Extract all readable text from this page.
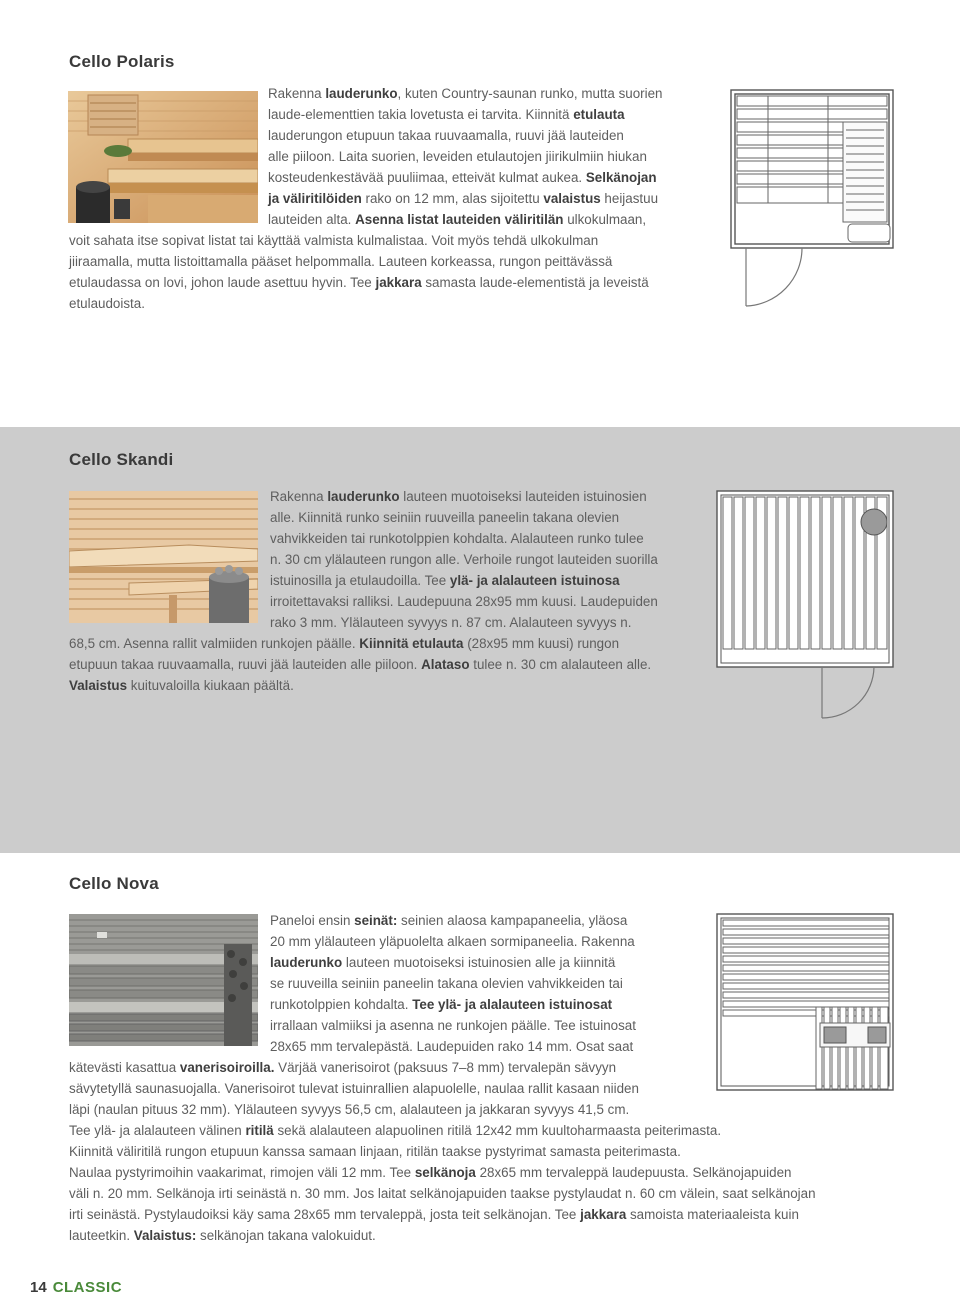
Cello Polaris
Rakenna lauderunko, kuten Country-saunan runko, mutta suorien
laude-elementtien takia lovetusta ei tarvita. Kiinnitä etulauta
lauderungon etupuun takaa ruuvaamalla, ruuvi jää lauteiden
alle piiloon. Laita suorien, leveiden etulautojen jiirikulmiin hiukan
kosteudenkestävää puuliimaa, etteivät kulmat aukea. Selkänojan
ja väliritilöiden rako on 12 mm, alas sijoitettu valaistus heijastuu
lauteiden alta. Asenna listat lauteiden väliritilän ulkokulmaan,
voit sahata itse sopivat listat tai käyttää valmista kulmalistaa. Voit myös tehdä ulkokulman
jiiraamalla, mutta listoittamalla pääset helpommalla. Lauteen korkeassa, rungon peittävässä
etulaudassa on lovi, johon laude asettuu hyvin. Tee jakkara samasta laude-elementistä ja leveistä
etulaudoista.
Cello Skandi
Rakenna lauderunko lauteen muotoiseksi lauteiden istuinosien
alle. Kiinnitä runko seiniin ruuveilla paneelin takana olevien
vahvikkeiden tai runkotolppien kohdalta. Alalauteen runko tulee
n. 30 cm ylälauteen rungon alle. Verhoile rungot lauteiden suorilla
istuinosilla ja etulaudoilla. Tee ylä- ja alalauteen istuinosa
irroitettavaksi ralliksi. Laudepuuna 28x95 mm kuusi. Laudepuiden
rako 3 mm. Ylälauteen syvyys n. 87 cm. Alalauteen syvyys n.
68,5 cm. Asenna rallit valmiiden runkojen päälle. Kiinnitä etulauta (28x95 mm kuusi) rungon
etupuun takaa ruuvaamalla, ruuvi jää lauteiden alle piiloon. Alataso tulee n. 30 cm alalauteen alle.
Valaistus kuituvaloilla kiukaan päältä.
Cello Nova
Paneloi ensin seinät: seinien alaosa kampapaneelia, yläosa
20 mm ylälauteen yläpuolelta alkaen sormipaneelia. Rakenna
lauderunko lauteen muotoiseksi istuinosien alle ja kiinnitä
se ruuveilla seiniin paneelin takana olevien vahvikkeiden tai
runkotolppien kohdalta. Tee ylä- ja alalauteen istuinosat
irrallaan valmiiksi ja asenna ne runkojen päälle. Tee istuinosat
28x65 mm tervalepästä. Laudepuiden rako 14 mm. Osat saat
kätevästi kasattua vanerisoiroilla. Värjää vanerisoirot (paksuus 7–8 mm) tervalepän sävyyn
sävytetyllä saunasuojalla. Vanerisoirot tulevat istuinrallien alapuolelle, naulaa rallit kasaan niiden
läpi (naulan pituus 32 mm). Ylälauteen syvyys 56,5 cm, alalauteen ja jakkaran syvyys 41,5 cm.
Tee ylä- ja alalauteen välinen ritilä sekä alalauteen alapuolinen ritilä 12x42 mm kuultoharmaasta peiterimasta.
Kiinnitä väliritilä rungon etupuun kanssa samaan linjaan, ritilän taakse pystyrimat samasta peiterimasta.
Naulaa pystyrimoihin vaakarimat, rimojen väli 12 mm. Tee selkänoja 28x65 mm tervaleppä laudepuusta. Selkänojapuiden
väli n. 20 mm. Selkänoja irti seinästä n. 30 mm. Jos laitat selkänojapuiden taakse pystylaudat n. 60 cm välein, saat selkänojan
irti seinästä. Pystylaudoiksi käy sama 28x65 mm tervaleppä, josta teit selkänojan. Tee jakkara samoista materiaaleista kuin
lauteetkin. Valaistus: selkänojan takana valokuidut.
14 CLASSIC
